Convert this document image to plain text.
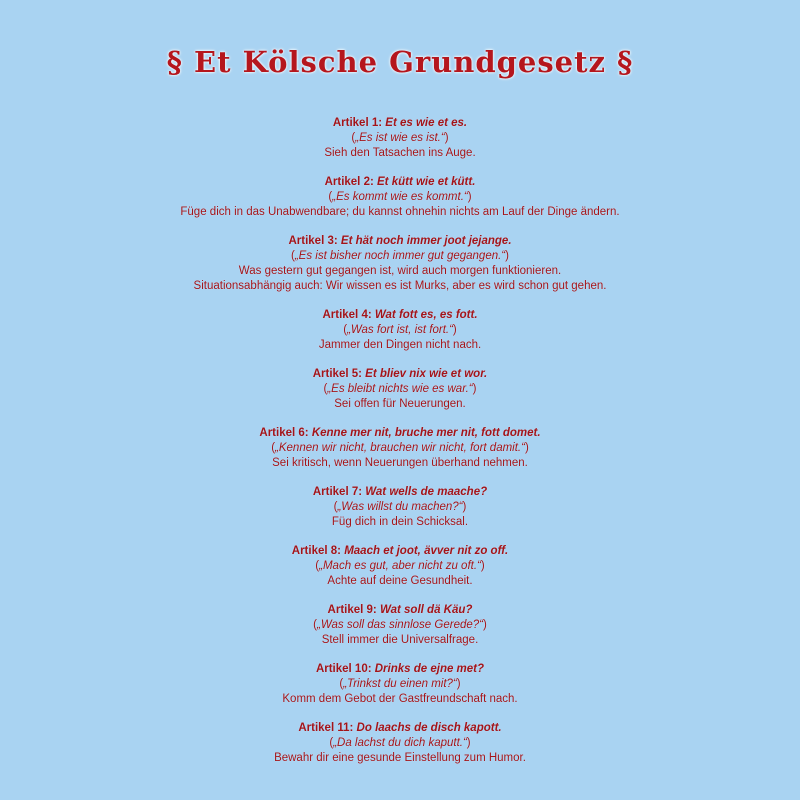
§ Et Kölsche Grundgesetz §
Artikel 1: Et es wie et es.
(„Es ist wie es ist.“)
Sieh den Tatsachen ins Auge.
Artikel 2: Et kütt wie et kütt.
(„Es kommt wie es kommt.“)
Füge dich in das Unabwendbare; du kannst ohnehin nichts am Lauf der Dinge ändern.
Artikel 3: Et hät noch immer joot jejange.
(„Es ist bisher noch immer gut gegangen.“)
Was gestern gut gegangen ist, wird auch morgen funktionieren.
Situationsabhängig auch: Wir wissen es ist Murks, aber es wird schon gut gehen.
Artikel 4: Wat fott es, es fott.
(„Was fort ist, ist fort.“)
Jammer den Dingen nicht nach.
Artikel 5: Et bliev nix wie et wor.
(„Es bleibt nichts wie es war.“)
Sei offen für Neuerungen.
Artikel 6: Kenne mer nit, bruche mer nit, fott domet.
(„Kennen wir nicht, brauchen wir nicht, fort damit.“)
Sei kritisch, wenn Neuerungen überhand nehmen.
Artikel 7: Wat wells de maache?
(„Was willst du machen?“)
Füg dich in dein Schicksal.
Artikel 8: Maach et joot, ävver nit zo off.
(„Mach es gut, aber nicht zu oft.“)
Achte auf deine Gesundheit.
Artikel 9: Wat soll dä Käu?
(„Was soll das sinnlose Gerede?“)
Stell immer die Universalfrage.
Artikel 10: Drinks de ejne met?
(„Trinkst du einen mit?“)
Komm dem Gebot der Gastfreundschaft nach.
Artikel 11: Do laachs de disch kapott.
(„Da lachst du dich kaputt.“)
Bewahr dir eine gesunde Einstellung zum Humor.
